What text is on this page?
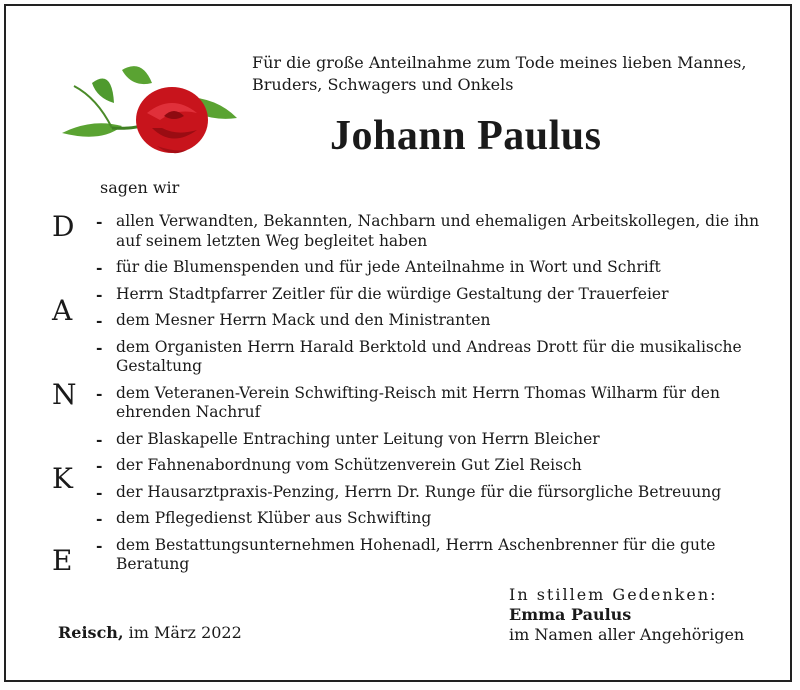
Für die große Anteilnahme zum Tode meines lieben Mannes, Bruders, Schwagers und Onkels
Johann Paulus
sagen wir
D
A
N
K
E
- allen Verwandten, Bekannten, Nachbarn und ehemaligen Arbeitskollegen, die ihn auf seinem letzten Weg begleitet haben
- für die Blumenspenden und für jede Anteilnahme in Wort und Schrift
- Herrn Stadtpfarrer Zeitler für die würdige Gestaltung der Trauerfeier
- dem Mesner Herrn Mack und den Ministranten
- dem Organisten Herrn Harald Berktold und Andreas Drott für die musikalische Gestaltung
- dem Veteranen-Verein Schwifting-Reisch mit Herrn Thomas Wilharm für den ehrenden Nachruf
- der Blaskapelle Entraching unter Leitung von Herrn Bleicher
- der Fahnenabordnung vom Schützenverein Gut Ziel Reisch
- der Hausarztpraxis-Penzing, Herrn Dr. Runge für die fürsorgliche Betreuung
- dem Pflegedienst Klüber aus Schwifting
- dem Bestattungsunternehmen Hohenadl, Herrn Aschenbrenner für die gute Beratung
In stillem Gedenken:
Emma Paulus
im Namen aller Angehörigen
Reisch, im März 2022
